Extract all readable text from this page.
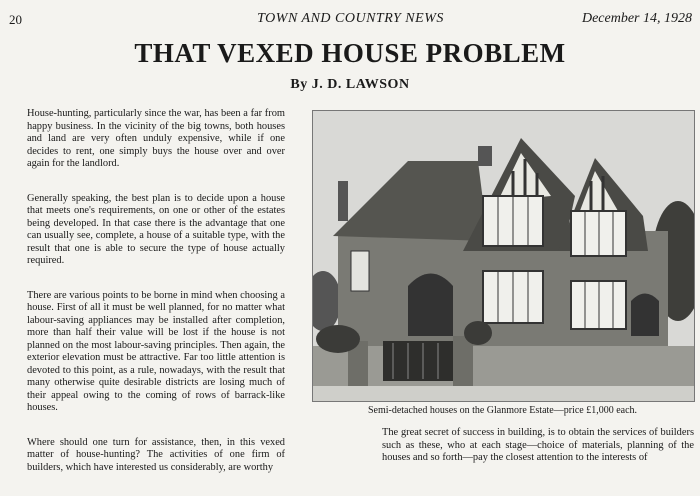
20	TOWN AND COUNTRY NEWS	December 14, 1928
THAT VEXED HOUSE PROBLEM
By J. D. LAWSON

House-hunting, particularly since the war, has been a far from happy business. In the vicinity of the big towns, both houses and land are very often unduly expensive, while if one decides to rent, one simply buys the house over and over again for the landlord.

Generally speaking, the best plan is to decide upon a house that meets one's requirements, on one or other of the estates being developed. In that case there is the advantage that one can usually see, complete, a house of a suitable type, with the result that one is able to secure the type of house actually required.

There are various points to be borne in mind when choosing a house. First of all it must be well planned, for no matter what labour-saving appliances may be installed after completion, more than half their value will be lost if the house is not planned on the most labour-saving principles. Then again, the exterior elevation must be attractive. Far too little attention is devoted to this point, as a rule, nowadays, with the result that many otherwise quite desirable districts are losing much of their appeal owing to the coming of rows of barrack-like houses.

Where should one turn for assistance, then, in this vexed matter of house-hunting? The activities of one firm of builders, which have interested us considerably, are worthy

Semi-detached houses on the Glanmore Estate—price £1,000 each.

The great secret of success in building, is to obtain the services of builders such as these, who at each stage—choice of materials, planning of the houses and so forth—pay the closest attention to the interests of
